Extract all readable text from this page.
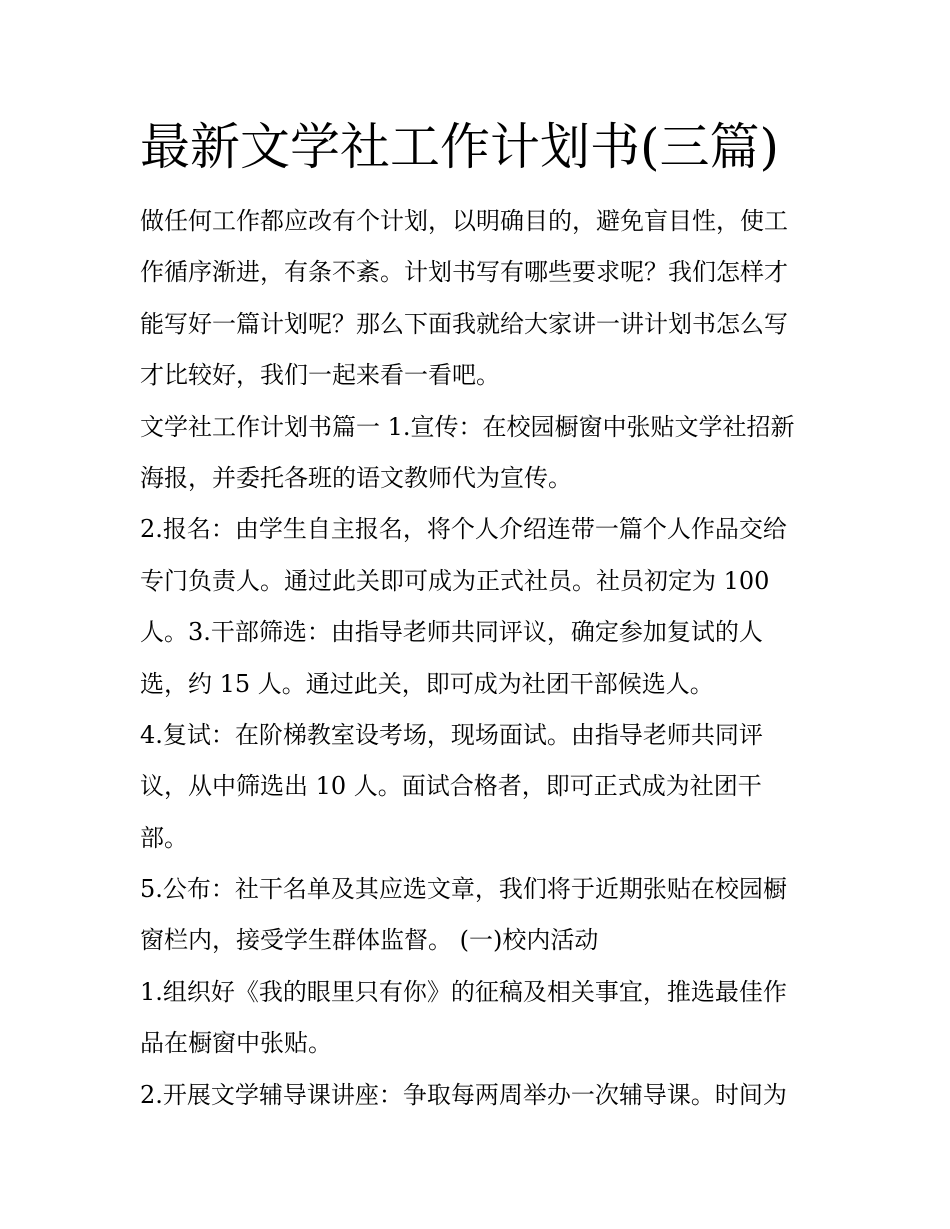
最新文学社工作计划书(三篇)

做任何工作都应改有个计划，以明确目的，避免盲目性，使工
作循序渐进，有条不紊。计划书写有哪些要求呢？我们怎样才
能写好一篇计划呢？那么下面我就给大家讲一讲计划书怎么写
才比较好，我们一起来看一看吧。

文学社工作计划书篇一 1.宣传：在校园橱窗中张贴文学社招新
海报，并委托各班的语文教师代为宣传。

2.报名：由学生自主报名，将个人介绍连带一篇个人作品交给
专门负责人。通过此关即可成为正式社员。社员初定为 100
人。3.干部筛选：由指导老师共同评议，确定参加复试的人
选，约 15 人。通过此关，即可成为社团干部候选人。

4.复试：在阶梯教室设考场，现场面试。由指导老师共同评
议，从中筛选出 10 人。面试合格者，即可正式成为社团干
部。

5.公布：社干名单及其应选文章，我们将于近期张贴在校园橱
窗栏内，接受学生群体监督。 (一)校内活动

1.组织好《我的眼里只有你》的征稿及相关事宜，推选最佳作
品在橱窗中张贴。

2.开展文学辅导课讲座：争取每两周举办一次辅导课。时间为
